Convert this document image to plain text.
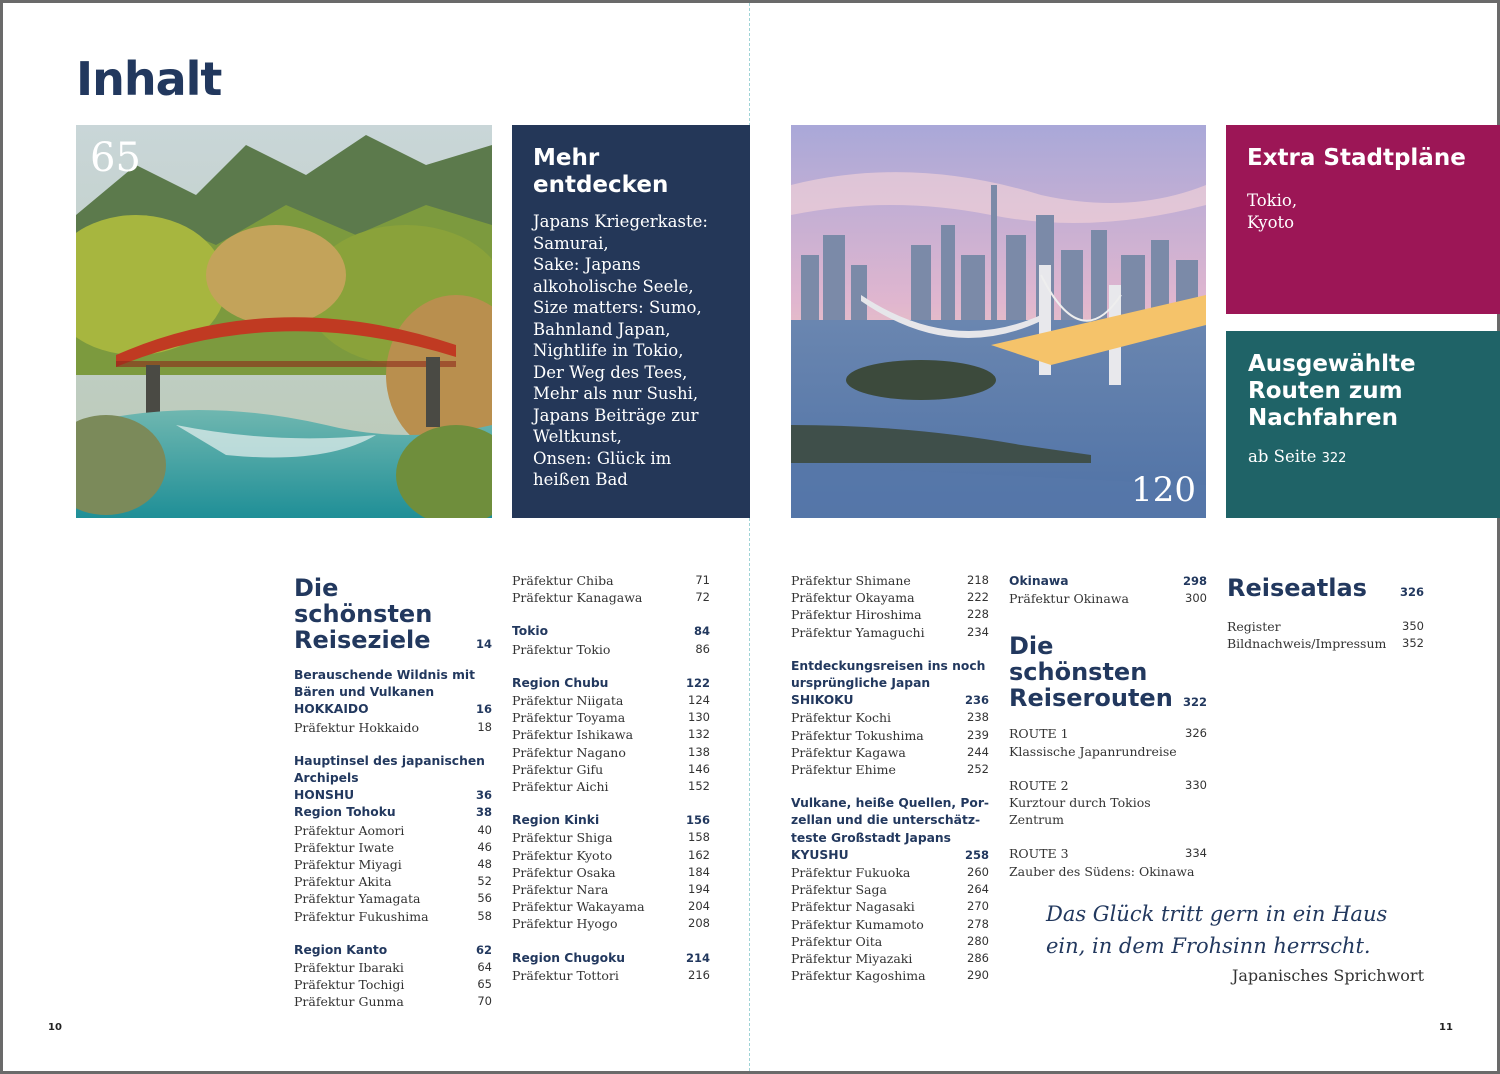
Inhalt
65	Mehr
entdecken
Japans Kriegerkaste:
Samurai,
Sake: Japans
alkoholische Seele,
Size matters: Sumo,
Bahnland Japan,
Nightlife in Tokio,
Der Weg des Tees,
Mehr als nur Sushi,
Japans Beiträge zur
Weltkunst,
Onsen: Glück im
heißen Bad	120
Extra Stadtpläne
Tokio,
Kyoto
Ausgewählte
Routen zum
Nachfahren
ab Seite 322
Die schönsten
Reiseziele	14
Berauschende Wildnis mit
Bären und Vulkanen
HOKKAIDO	16
Präfektur Hokkaido	18
Hauptinsel des japanischen
Archipels
HONSHU	36
Region Tohoku	38
Präfektur Aomori	40
Präfektur Iwate	46
Präfektur Miyagi	48
Präfektur Akita	52
Präfektur Yamagata	56
Präfektur Fukushima	58
Region Kanto	62
Präfektur Ibaraki	64
Präfektur Tochigi	65
Präfektur Gunma	70
Präfektur Chiba	71
Präfektur Kanagawa	72
Tokio	84
Präfektur Tokio	86
Region Chubu	122
Präfektur Niigata	124
Präfektur Toyama	130
Präfektur Ishikawa	132
Präfektur Nagano	138
Präfektur Gifu	146
Präfektur Aichi	152
Region Kinki	156
Präfektur Shiga	158
Präfektur Kyoto	162
Präfektur Osaka	184
Präfektur Nara	194
Präfektur Wakayama	204
Präfektur Hyogo	208
Region Chugoku	214
Präfektur Tottori	216
Präfektur Shimane	218
Präfektur Okayama	222
Präfektur Hiroshima	228
Präfektur Yamaguchi	234
Entdeckungsreisen ins noch
ursprüngliche Japan
SHIKOKU	236
Präfektur Kochi	238
Präfektur Tokushima	239
Präfektur Kagawa	244
Präfektur Ehime	252
Vulkane, heiße Quellen, Por-
zellan und die unterschätz-
teste Großstadt Japans
KYUSHU	258
Präfektur Fukuoka	260
Präfektur Saga	264
Präfektur Nagasaki	270
Präfektur Kumamoto	278
Präfektur Oita	280
Präfektur Miyazaki	286
Präfektur Kagoshima	290
Okinawa	298
Präfektur Okinawa	300
Die schönsten
Reiserouten 322
ROUTE 1	326
Klassische Japanrundreise
ROUTE 2	330
Kurztour durch Tokios Zentrum
ROUTE 3	334
Zauber des Südens: Okinawa
Reiseatlas	326
Register	350
Bildnachweis/Impressum 352
Das Glück tritt gern in ein Haus
ein, in dem Frohsinn herrscht.
Japanisches Sprichwort
10	11
